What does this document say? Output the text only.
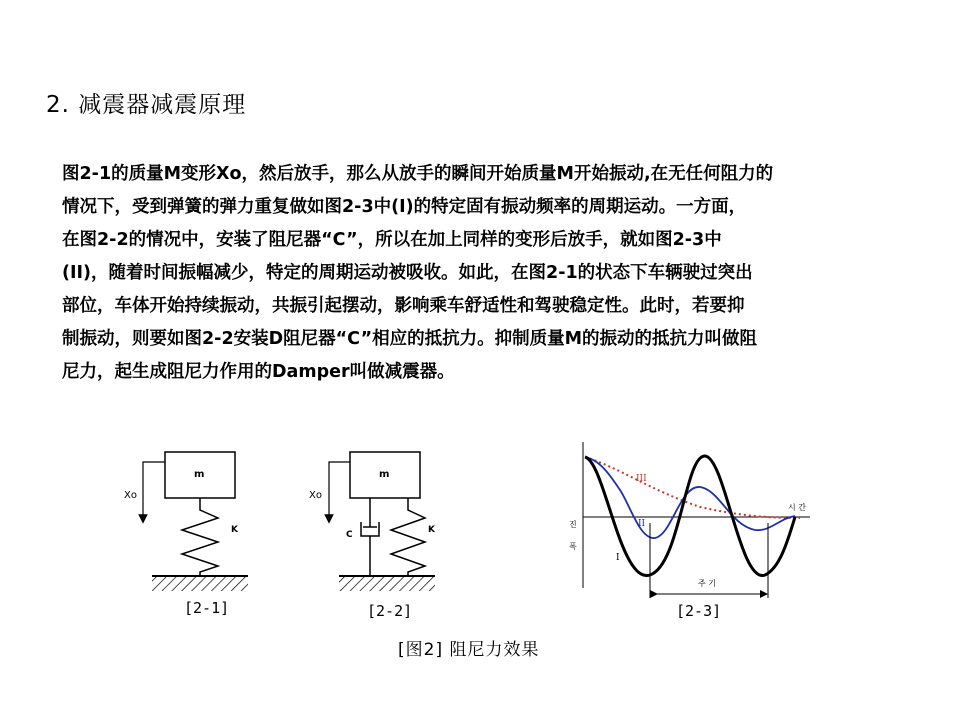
2. 减震器减震原理
图2-1的质量M变形Xo，然后放手，那么从放手的瞬间开始质量M开始振动,在无任何阻力的
情况下，受到弹簧的弹力重复做如图2-3中(I)的特定固有振动频率的周期运动。一方面，
在图2-2的情况中，安装了阻尼器“C”，所以在加上同样的变形后放手，就如图2-3中
(II)，随着时间振幅减少，特定的周期运动被吸收。如此，在图2-1的状态下车辆驶过突出
部位，车体开始持续振动，共振引起摆动，影响乘车舒适性和驾驶稳定性。此时，若要抑
制振动，则要如图2-2安装D阻尼器“C”相应的抵抗力。抑制质量M的振动的抵抗力叫做阻
尼力，起生成阻尼力作用的Damper叫做减震器。
m
K
Xo
[2-1]
m
C	K
Xo
[2-2]
III
II
I
시 간
진
폭
주 기
[2-3]
[图2] 阻尼力效果
